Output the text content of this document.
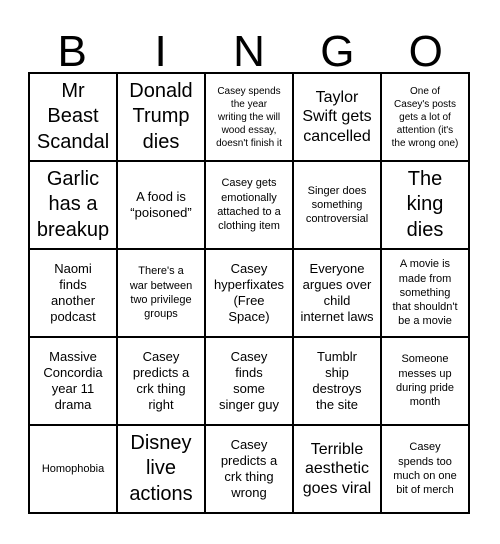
B	I	N	G	O
Mr
Beast
Scandal
Donald
Trump
dies
Casey spends
the year
writing the will
wood essay,
doesn't finish it
Taylor
Swift gets
cancelled
One of
Casey's posts
gets a lot of
attention (it's
the wrong one)
Garlic
has a
breakup
A food is
“poisoned”
Casey gets
emotionally
attached to a
clothing item
Singer does
something
controversial
The
king
dies
Naomi
finds
another
podcast
There's a
war between
two privilege
groups
Casey
hyperfixates
(Free
Space)
Everyone
argues over
child
internet laws
A movie is
made from
something
that shouldn't
be a movie
Massive
Concordia
year 11
drama
Casey
predicts a
crk thing
right
Casey
finds
some
singer guy
Tumblr
ship
destroys
the site
Someone
messes up
during pride
month
Homophobia
Disney
live
actions
Casey
predicts a
crk thing
wrong
Terrible
aesthetic
goes viral
Casey
spends too
much on one
bit of merch
